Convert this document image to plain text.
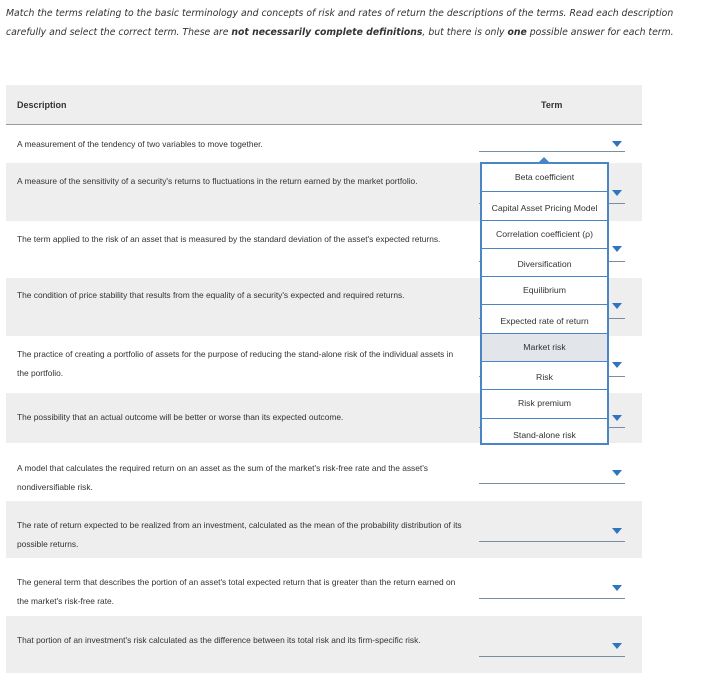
Match the terms relating to the basic terminology and concepts of risk and rates of return the descriptions of the terms. Read each description carefully and select the correct term. These are not necessarily complete definitions, but there is only one possible answer for each term.
Description	Term
A measurement of the tendency of two variables to move together.
A measure of the sensitivity of a security's returns to fluctuations in the return earned by the market portfolio.
The term applied to the risk of an asset that is measured by the standard deviation of the asset's expected returns.
The condition of price stability that results from the equality of a security's expected and required returns.
The practice of creating a portfolio of assets for the purpose of reducing the stand-alone risk of the individual assets in the portfolio.
The possibility that an actual outcome will be better or worse than its expected outcome.
A model that calculates the required return on an asset as the sum of the market's risk-free rate and the asset's nondiversifiable risk.
The rate of return expected to be realized from an investment, calculated as the mean of the probability distribution of its possible returns.
The general term that describes the portion of an asset's total expected return that is greater than the return earned on the market's risk-free rate.
That portion of an investment's risk calculated as the difference between its total risk and its firm-specific risk.
Beta coefficient
Capital Asset Pricing Model
Correlation coefficient (ρ)
Diversification
Equilibrium
Expected rate of return
Market risk
Risk
Risk premium
Stand-alone risk
